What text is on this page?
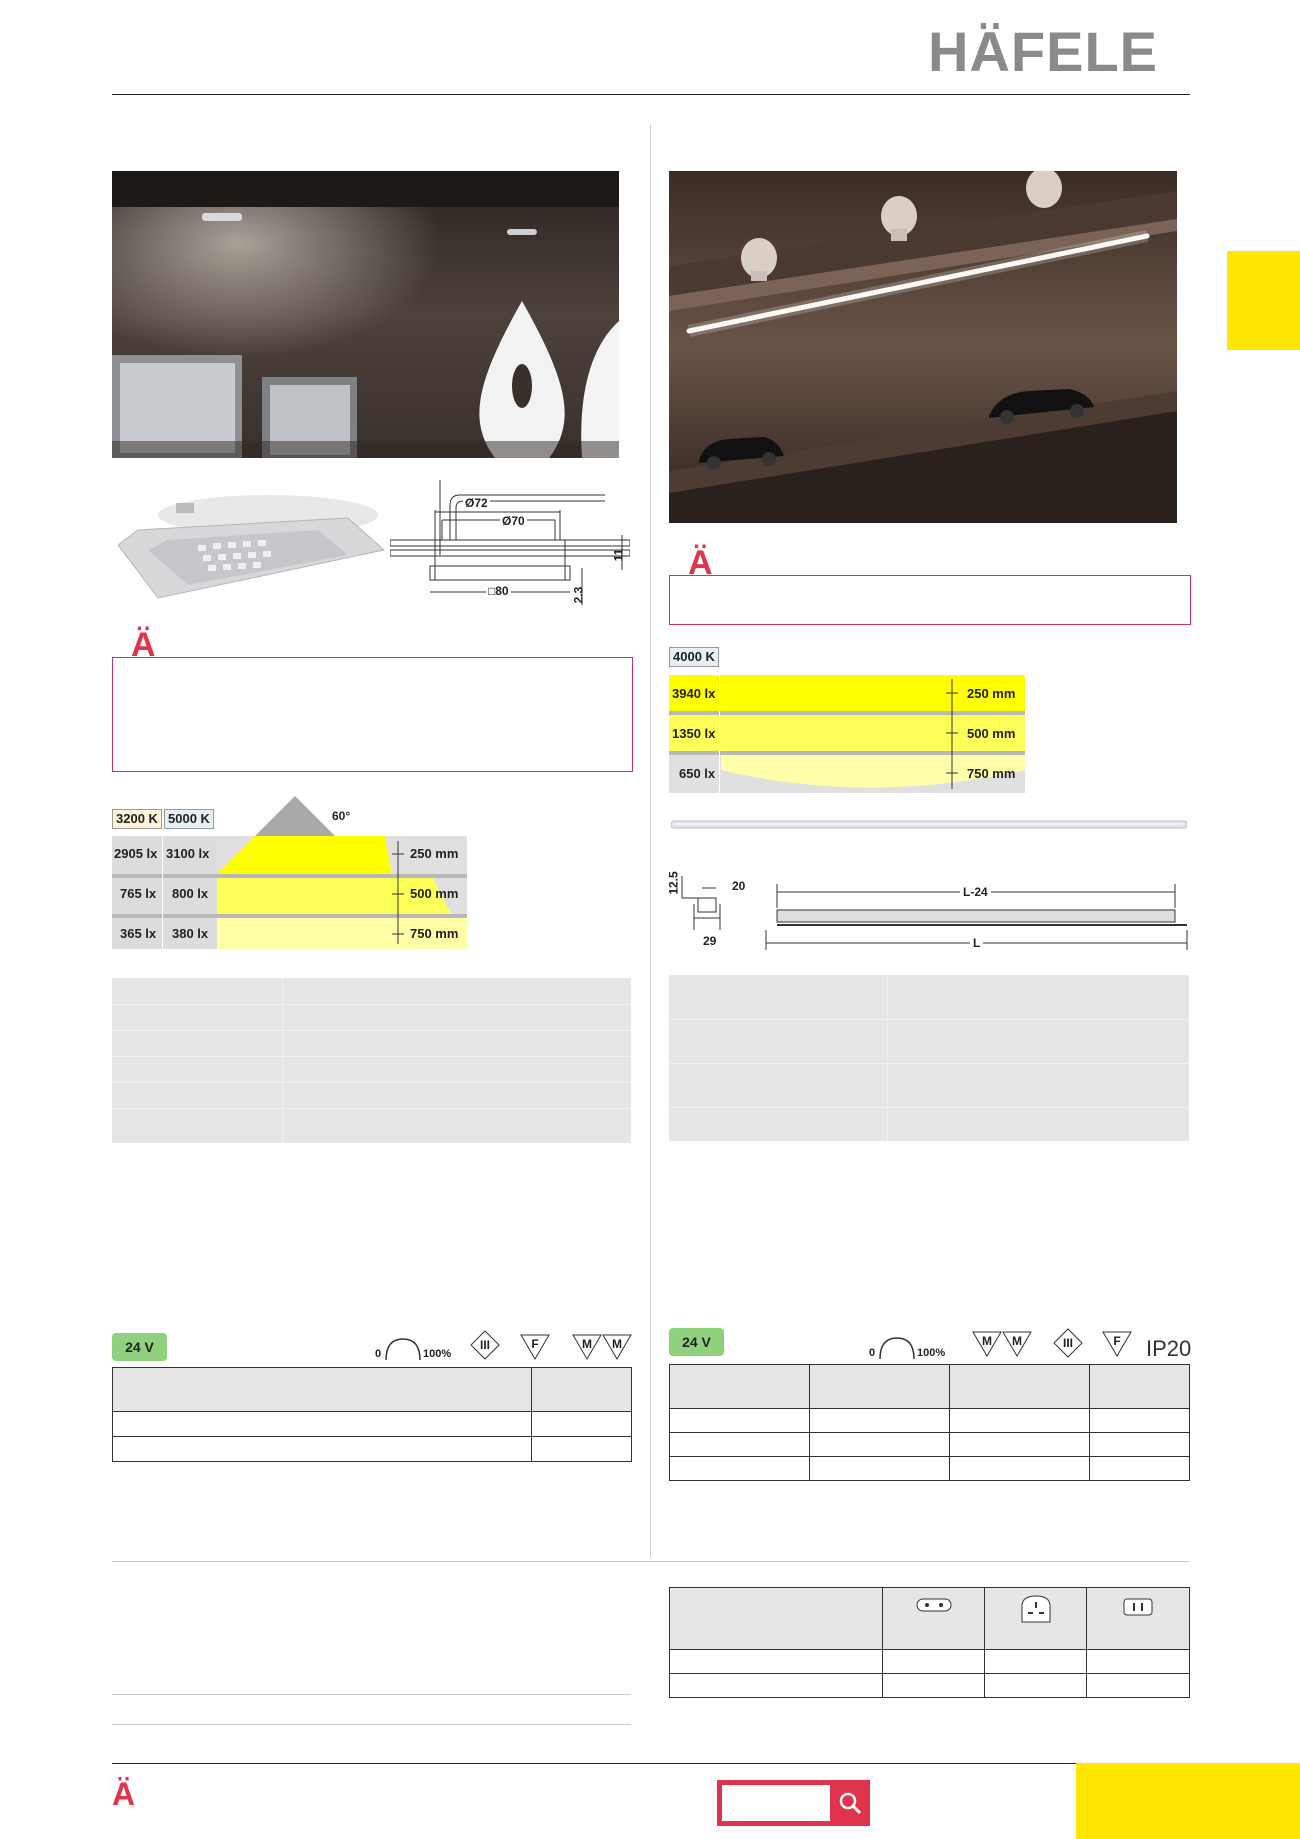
HÄFELE
Ø72
Ø70
□80
11
2.3
Ä
3200 K 5000 K	60°
2905 lx 3100 lx	250 mm
765 lx 800 lx	500 mm
365 lx 380 lx	750 mm
24 V	0	100%
III	F	M	M

Ä
4000 K
3940 lx	250 mm
1350 lx	500 mm
650 lx	750 mm
12.5	20
29
L-24
L
24 V
0	100%
M	M	III	F	IP20

Ä
